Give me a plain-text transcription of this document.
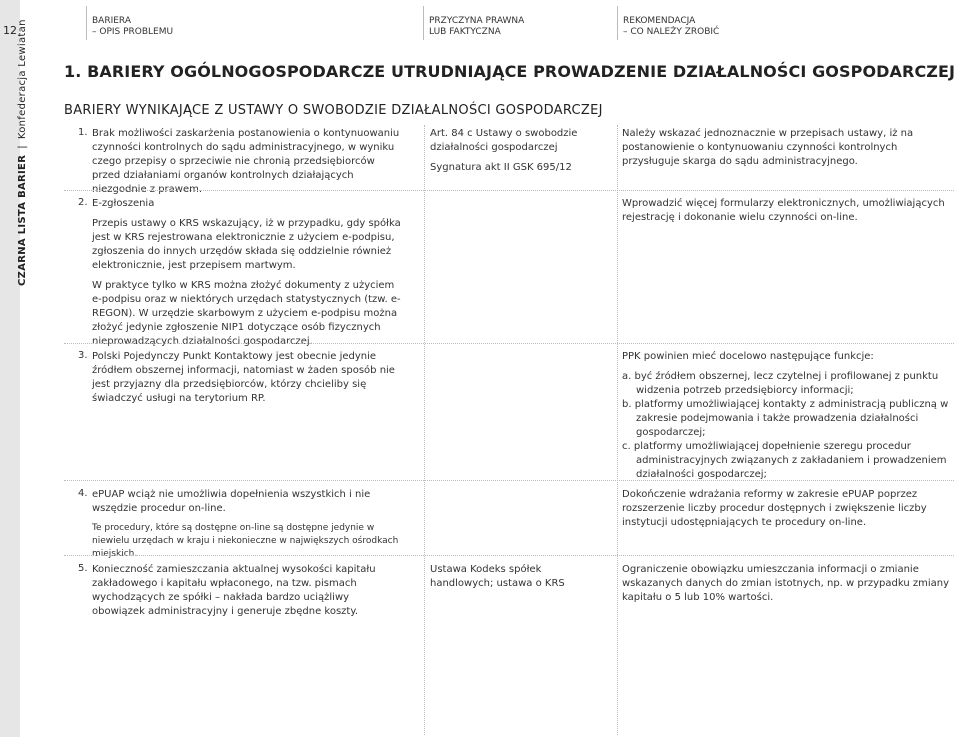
12
CZARNA LISTA BARIER|Konfederacja Lewiatan	BARIERA
– OPIS PROBLEMU
PRZYCZYNA PRAWNA
LUB FAKTYCZNA
REKOMENDACJA
– CO NALEŻY ZROBIĆ
1. BARIERY OGÓLNOGOSPODARCZE UTRUDNIAJĄCE PROWADZENIE DZIAŁALNOŚCI GOSPODARCZEJ
BARIERY WYNIKAJĄCE Z USTAWY O SWOBODZIE DZIAŁALNOŚCI GOSPODARCZEJ
1. Brak możliwości zaskarżenia postanowienia o kontynuowaniu czynności kontrolnych do sądu administracyjnego, w wyniku czego przepisy o sprzeciwie nie chronią przedsiębiorców przed działaniami organów kontrolnych działających niezgodnie z prawem.

Art. 84 c Ustawy o swobodzie działalności gospodarczej

Sygnatura akt II GSK 695/12

Należy wskazać jednoznacznie w przepisach ustawy, iż na postanowienie o kontynuowaniu czynności kontrolnych przysługuje skarga do sądu administracyjnego.

2. E-zgłoszenia

Przepis ustawy o KRS wskazujący, iż w przypadku, gdy spółka jest w KRS rejestrowana elektronicznie z użyciem e-podpisu, zgłoszenia do innych urzędów składa się oddzielnie również elektronicznie, jest przepisem martwym.

W praktyce tylko w KRS można złożyć dokumenty z użyciem e-podpisu oraz w niektórych urzędach statystycznych (tzw. e-REGON). W urzędzie skarbowym z użyciem e-podpisu można złożyć jedynie zgłoszenie NIP1 dotyczące osób fizycznych nieprowadzących działalności gospodarczej.

Wprowadzić więcej formularzy elektronicznych, umożliwiających rejestrację i dokonanie wielu czynności on-line.

3. Polski Pojedynczy Punkt Kontaktowy jest obecnie jedynie źródłem obszernej informacji, natomiast w żaden sposób nie jest przyjazny dla przedsiębiorców, którzy chcieliby się świadczyć usługi na terytorium RP.

PPK powinien mieć docelowo następujące funkcje:

a. być źródłem obszernej, lecz czytelnej i profilowanej z punktu widzenia potrzeb przedsiębiorcy informacji;
b. platformy umożliwiającej kontakty z administracją publiczną w zakresie podejmowania i także prowadzenia działalności gospodarczej;
c. platformy umożliwiającej dopełnienie szeregu procedur administracyjnych związanych z zakładaniem i prowadzeniem działalności gospodarczej;
4. ePUAP wciąż nie umożliwia dopełnienia wszystkich i nie wszędzie procedur on-line.

Te procedury, które są dostępne on-line są dostępne jedynie w niewielu urzędach w kraju i niekonieczne w największych ośrodkach miejskich.

Dokończenie wdrażania reformy w zakresie ePUAP poprzez rozszerzenie liczby procedur dostępnych i zwiększenie liczby instytucji udostępniających te procedury on-line.

5. Konieczność zamieszczania aktualnej wysokości kapitału zakładowego i kapitału wpłaconego, na tzw. pismach wychodzących ze spółki – nakłada bardzo uciążliwy obowiązek administracyjny i generuje zbędne koszty.

Ustawa Kodeks spółek handlowych; ustawa o KRS

Ograniczenie obowiązku umieszczania informacji o zmianie wskazanych danych do zmian istotnych, np. w przypadku zmiany kapitału o 5 lub 10% wartości.
